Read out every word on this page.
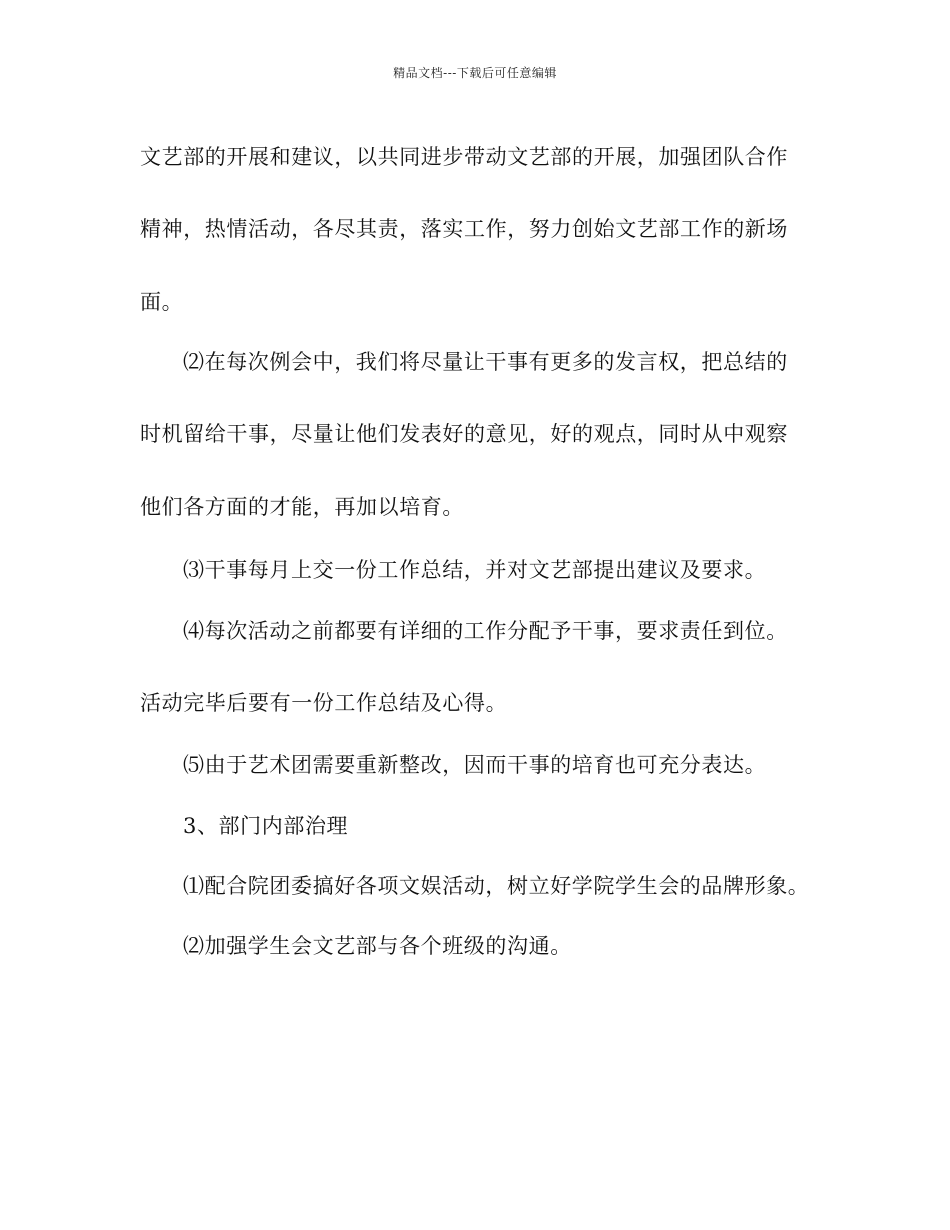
精品文档---下载后可任意编辑
文艺部的开展和建议，以共同进步带动文艺部的开展，加强团队合作
精神，热情活动，各尽其责，落实工作，努力创始文艺部工作的新场
面。
⑵在每次例会中，我们将尽量让干事有更多的发言权，把总结的
时机留给干事，尽量让他们发表好的意见，好的观点，同时从中观察
他们各方面的才能，再加以培育。
⑶干事每月上交一份工作总结，并对文艺部提出建议及要求。
⑷每次活动之前都要有详细的工作分配予干事，要求责任到位。
活动完毕后要有一份工作总结及心得。
⑸由于艺术团需要重新整改，因而干事的培育也可充分表达。
3、部门内部治理
⑴配合院团委搞好各项文娱活动，树立好学院学生会的品牌形象。
⑵加强学生会文艺部与各个班级的沟通。
